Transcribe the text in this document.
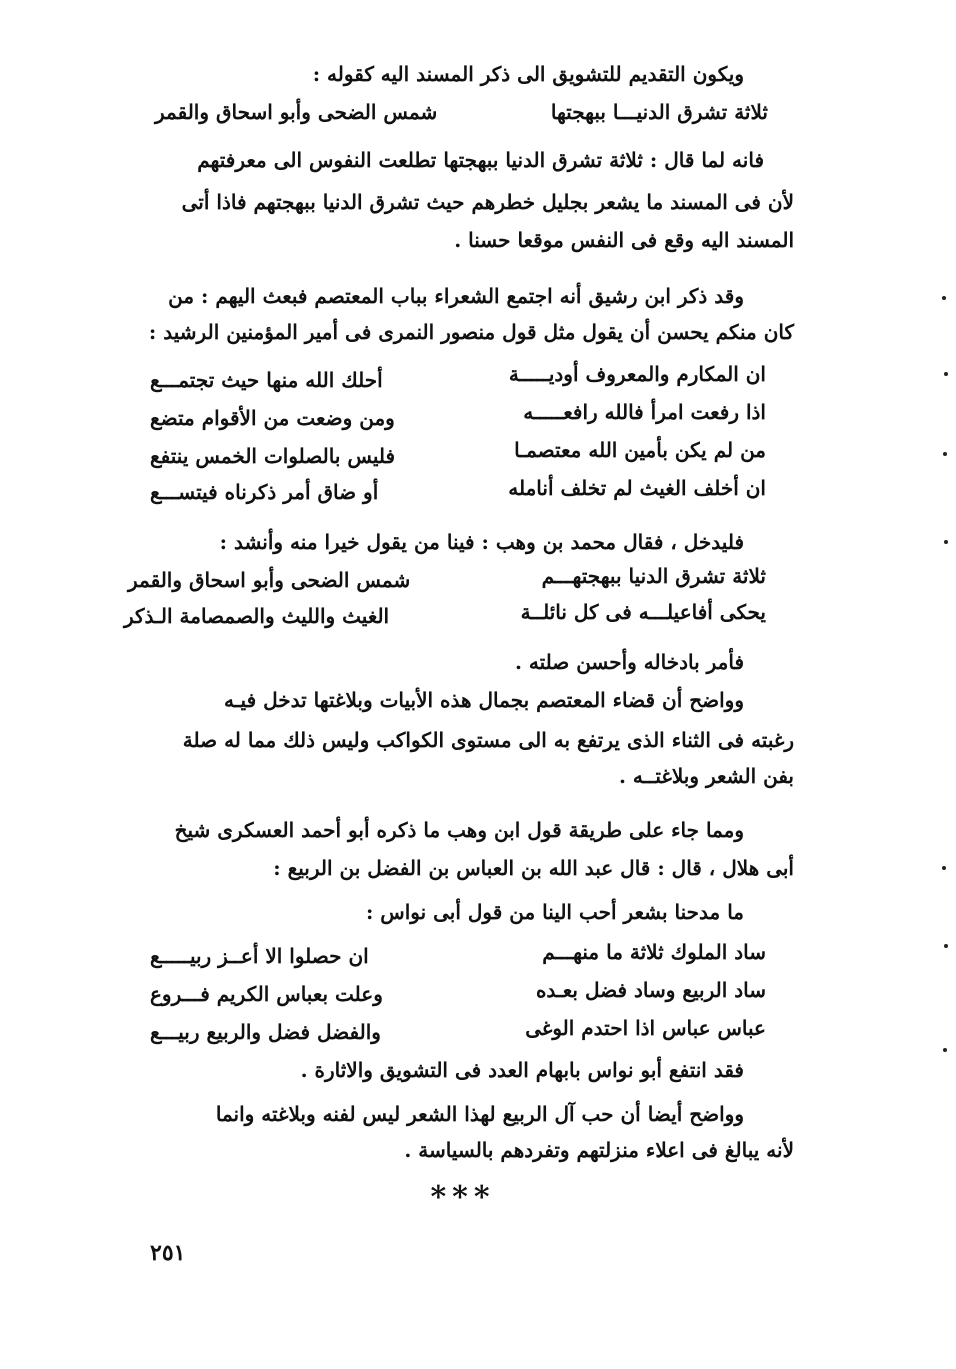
ويكون التقديم للتشويق الى ذكر المسند اليه كقوله :
ثلاثة تشرق الدنيـــا ببهجتها
شمس الضحى وأبو اسحاق والقمر
فانه لما قال : ثلاثة تشرق الدنيا ببهجتها تطلعت النفوس الى معرفتهم
لأن فى المسند ما يشعر بجليل خطرهم حيث تشرق الدنيا ببهجتهم فاذا أتى
المسند اليه وقع فى النفس موقعا حسنا .
وقد ذكر ابن رشيق أنه اجتمع الشعراء بباب المعتصم فبعث اليهم : من
كان منكم يحسن أن يقول مثل قول منصور النمرى فى أمير المؤمنين الرشيد :
ان المكارم والمعروف أوديـــــة
أحلك الله منها حيث تجتمـــع
اذا رفعت امرأ فالله رافعـــــه
ومن وضعت من الأقوام متضع
من لم يكن بأمين الله معتصمـا
فليس بالصلوات الخمس ينتفع
ان أخلف الغيث لم تخلف أنامله
أو ضاق أمر ذكرناه فيتســـع
فليدخل ، فقال محمد بن وهب : فينا من يقول خيرا منه وأنشد :
ثلاثة تشرق الدنيا ببهجتهـــم
شمس الضحى وأبو اسحاق والقمر
يحكى أفاعيلـــه فى كل نائلــة
الغيث والليث والصمصامة الـذكر
فأمر بادخاله وأحسن صلته .
وواضح أن قضاء المعتصم بجمال هذه الأبيات وبلاغتها تدخل فيـه
رغبته فى الثناء الذى يرتفع به الى مستوى الكواكب وليس ذلك مما له صلة
بفن الشعر وبلاغتــه .
ومما جاء على طريقة قول ابن وهب ما ذكره أبو أحمد العسكرى شيخ
أبى هلال ، قال : قال عبد الله بن العباس بن الفضل بن الربيع :
ما مدحنا بشعر أحب الينا من قول أبى نواس :
ساد الملوك ثلاثة ما منهـــم
ان حصلوا الا أعــز ربيـــــع
ساد الربيع وساد فضل بعـده
وعلت بعباس الكريم فـــروع
عباس عباس اذا احتدم الوغى
والفضل فضل والربيع ربيـــع
فقد انتفع أبو نواس بابهام العدد فى التشويق والاثارة .
وواضح أيضا أن حب آل الربيع لهذا الشعر ليس لفنه وبلاغته وانما
لأنه يبالغ فى اعلاء منزلتهم وتفردهم بالسياسة .
***
٢٥١
